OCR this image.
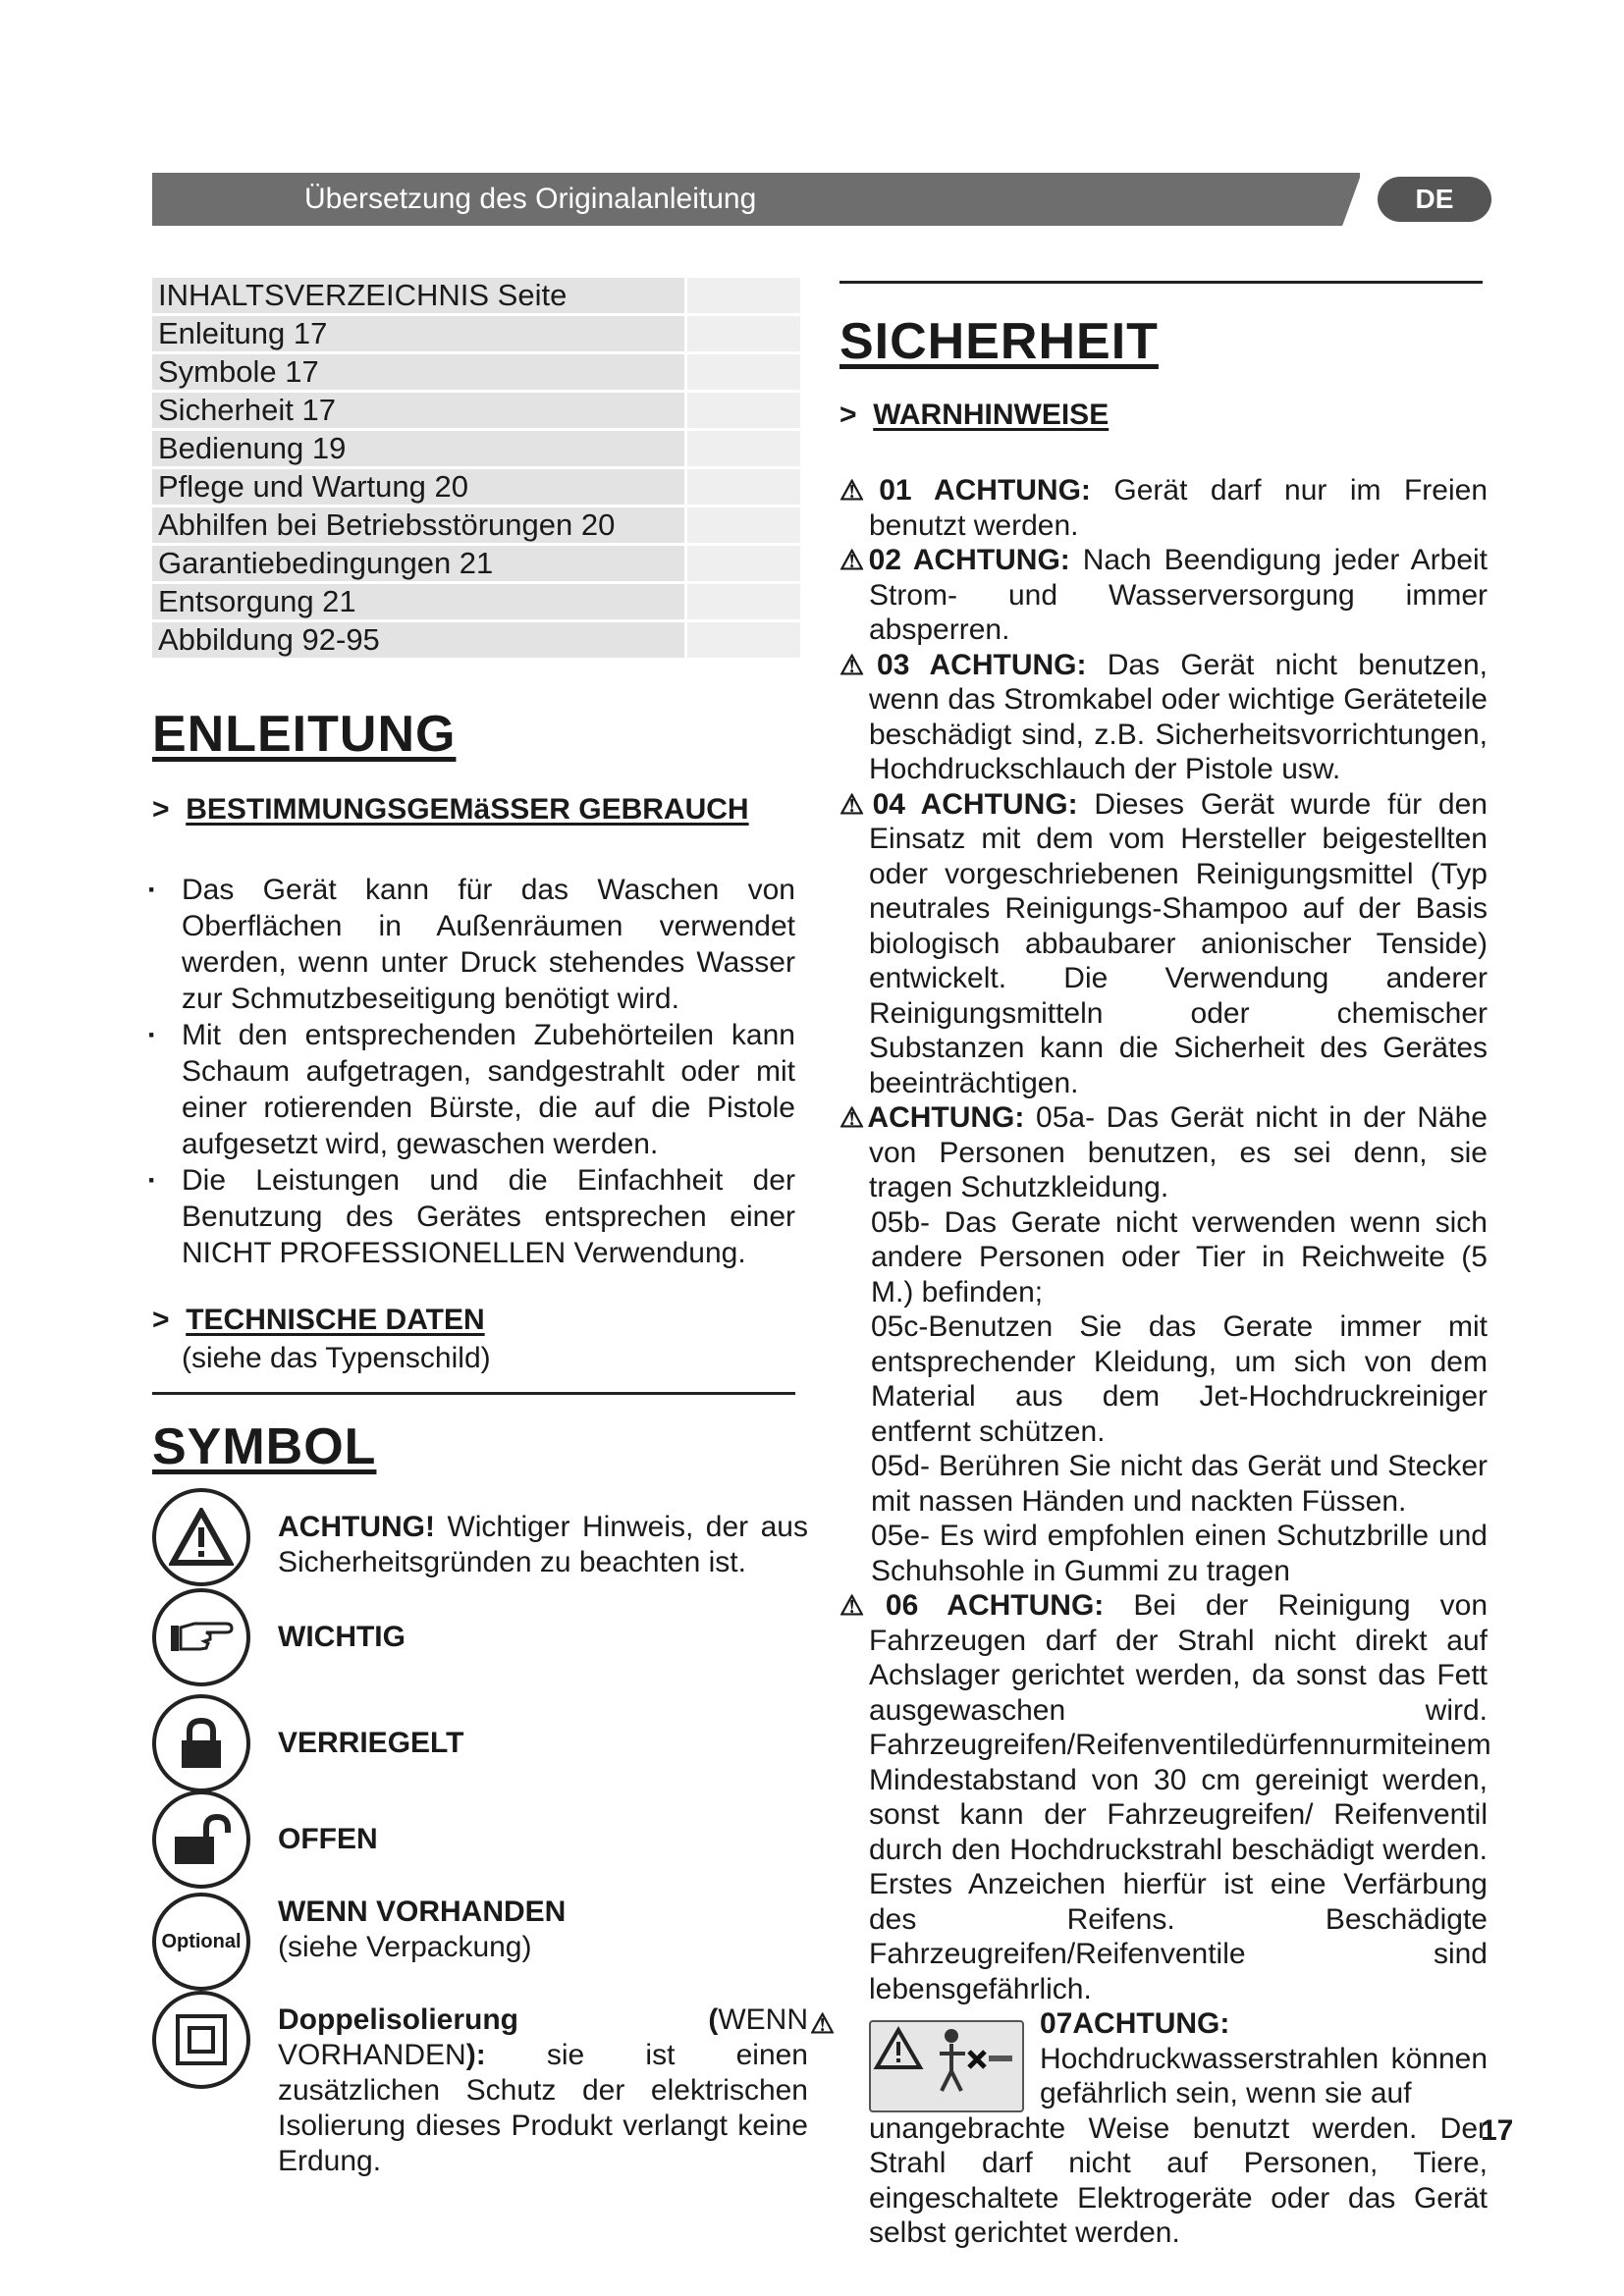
Übersetzung des Originalanleitung	DE
INHALTSVERZEICHNIS Seite	
Enleitung 17	
Symbole 17	
Sicherheit 17	
Bedienung 19	
Pflege und Wartung 20	
Abhilfen bei Betriebsstörungen 20	
Garantiebedingungen 21	
Entsorgung 21	
Abbildung 92-95	
ENLEITUNG
> BESTIMMUNGSGEMäSSER GEBRAUCH
· Das Gerät kann für das Waschen von Oberflächen in Außenräumen verwendet werden, wenn unter Druck stehendes Wasser zur Schmutzbeseitigung benötigt wird.
· Mit den entsprechenden Zubehörteilen kann Schaum aufgetragen, sandgestrahlt oder mit einer rotierenden Bürste, die auf die Pistole aufgesetzt wird, gewaschen werden.
· Die Leistungen und die Einfachheit der Benutzung des Gerätes entsprechen einer NICHT PROFESSIONELLEN Verwendung.
> TECHNISCHE DATEN
(siehe das Typenschild)
SYMBOL
ACHTUNG! Wichtiger Hinweis, der aus Sicherheitsgründen zu beachten ist.
WICHTIG
VERRIEGELT
OFFEN
Optional
WENN VORHANDEN
(siehe Verpackung)
Doppelisolierung (WENN VORHANDEN): sie ist einen zusätzlichen Schutz der elektrischen Isolierung dieses Produkt verlangt keine Erdung.
SICHERHEIT
> WARNHINWEISE
⚠01 ACHTUNG: Gerät darf nur im Freien benutzt werden.
⚠02 ACHTUNG: Nach Beendigung jeder Arbeit Strom- und Wasserversorgung immer absperren.
⚠03 ACHTUNG: Das Gerät nicht benutzen, wenn das Stromkabel oder wichtige Geräteteile beschädigt sind, z.B. Sicherheitsvorrichtungen, Hochdruckschlauch der Pistole usw.
⚠04 ACHTUNG: Dieses Gerät wurde für den Einsatz mit dem vom Hersteller beigestellten oder vorgeschriebenen Reinigungsmittel (Typ neutrales Reinigungs-Shampoo auf der Basis biologisch abbaubarer anionischer Tenside) entwickelt. Die Verwendung anderer Reinigungsmitteln oder chemischer Substanzen kann die Sicherheit des Gerätes beeinträchtigen.
⚠ACHTUNG: 05a- Das Gerät nicht in der Nähe von Personen benutzen, es sei denn, sie tragen Schutzkleidung.
05b- Das Gerate nicht verwenden wenn sich andere Personen oder Tier in Reichweite (5 M.) befinden;
05c-Benutzen Sie das Gerate immer mit entsprechender Kleidung, um sich von dem Material aus dem Jet-Hochdruckreiniger entfernt schützen.
05d- Berühren Sie nicht das Gerät und Stecker mit nassen Händen und nackten Füssen.
05e- Es wird empfohlen einen Schutzbrille und Schuhsohle in Gummi zu tragen
⚠06 ACHTUNG: Bei der Reinigung von Fahrzeugen darf der Strahl nicht direkt auf Achslager gerichtet werden, da sonst das Fett ausgewaschen wird. Fahrzeugreifen/Reifenventiledürfennurmiteinem Mindestabstand von 30 cm gereinigt werden, sonst kann der Fahrzeugreifen/ Reifenventil durch den Hochdruckstrahl beschädigt werden. Erstes Anzeichen hierfür ist eine Verfärbung des Reifens. Beschädigte Fahrzeugreifen/Reifenventile sind lebensgefährlich.
⚠	07ACHTUNG:
Hochdruckwasserstrahlen können gefährlich sein, wenn sie auf
unangebrachte Weise benutzt werden. Der Strahl darf nicht auf Personen, Tiere, eingeschaltete Elektrogeräte oder das Gerät selbst gerichtet werden.
17
